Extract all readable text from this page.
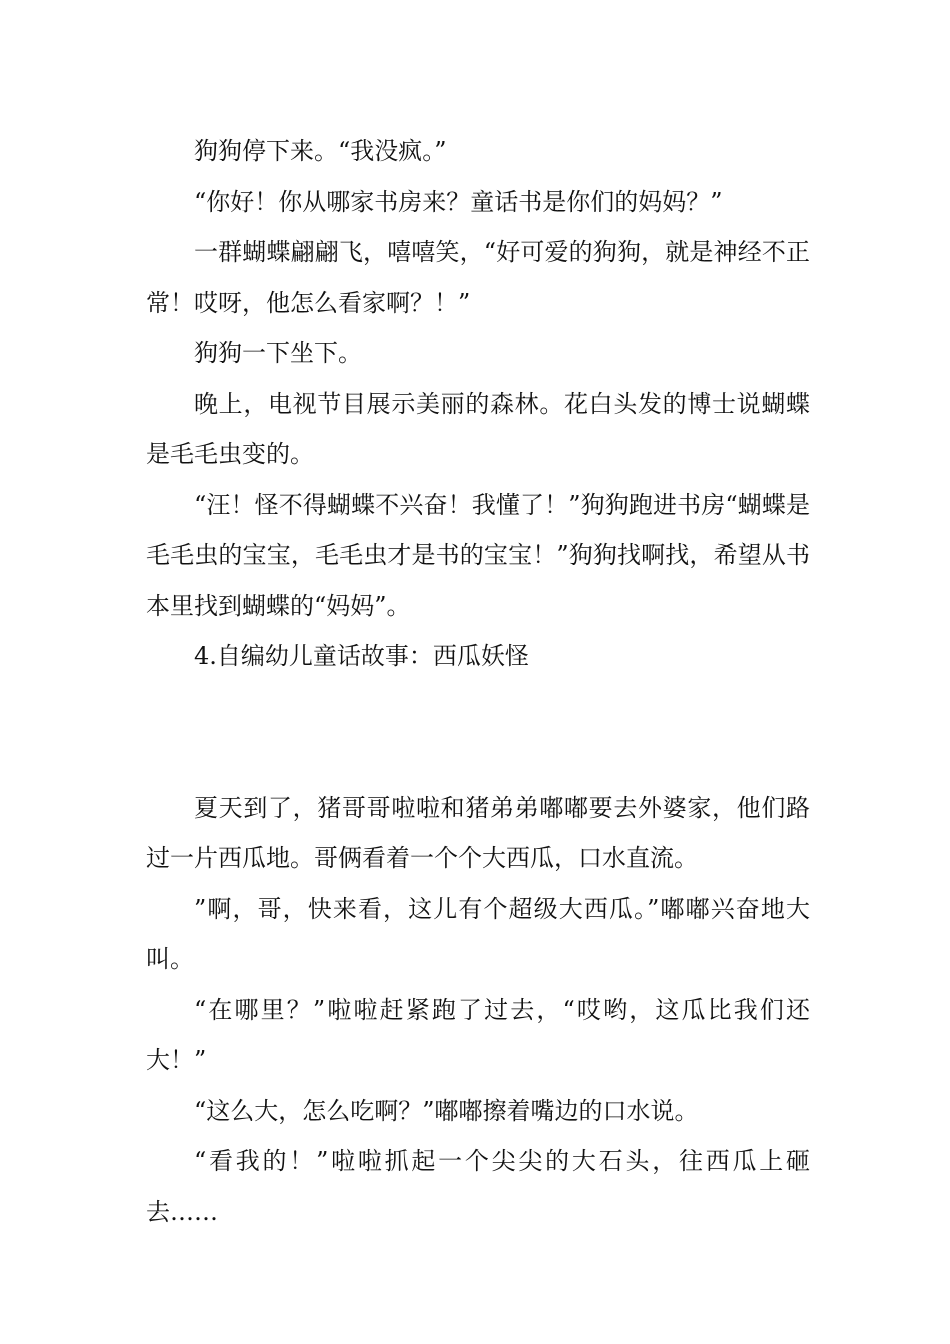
狗狗停下来。“我没疯。”

“你好！你从哪家书房来？童话书是你们的妈妈？”

一群蝴蝶翩翩飞，嘻嘻笑，“好可爱的狗狗，就是神经不正常！哎呀，他怎么看家啊？！”

狗狗一下坐下。

晚上，电视节目展示美丽的森林。花白头发的博士说蝴蝶是毛毛虫变的。

“汪！怪不得蝴蝶不兴奋！我懂了！”狗狗跑进书房“蝴蝶是毛毛虫的宝宝，毛毛虫才是书的宝宝！”狗狗找啊找，希望从书本里找到蝴蝶的“妈妈”。

4.自编幼儿童话故事：西瓜妖怪

夏天到了，猪哥哥啦啦和猪弟弟嘟嘟要去外婆家，他们路过一片西瓜地。哥俩看着一个个大西瓜，口水直流。

”啊，哥，快来看，这儿有个超级大西瓜。”嘟嘟兴奋地大叫。

“在哪里？”啦啦赶紧跑了过去，“哎哟，这瓜比我们还大！”

“这么大，怎么吃啊？”嘟嘟擦着嘴边的口水说。

“看我的！”啦啦抓起一个尖尖的大石头，往西瓜上砸去……
